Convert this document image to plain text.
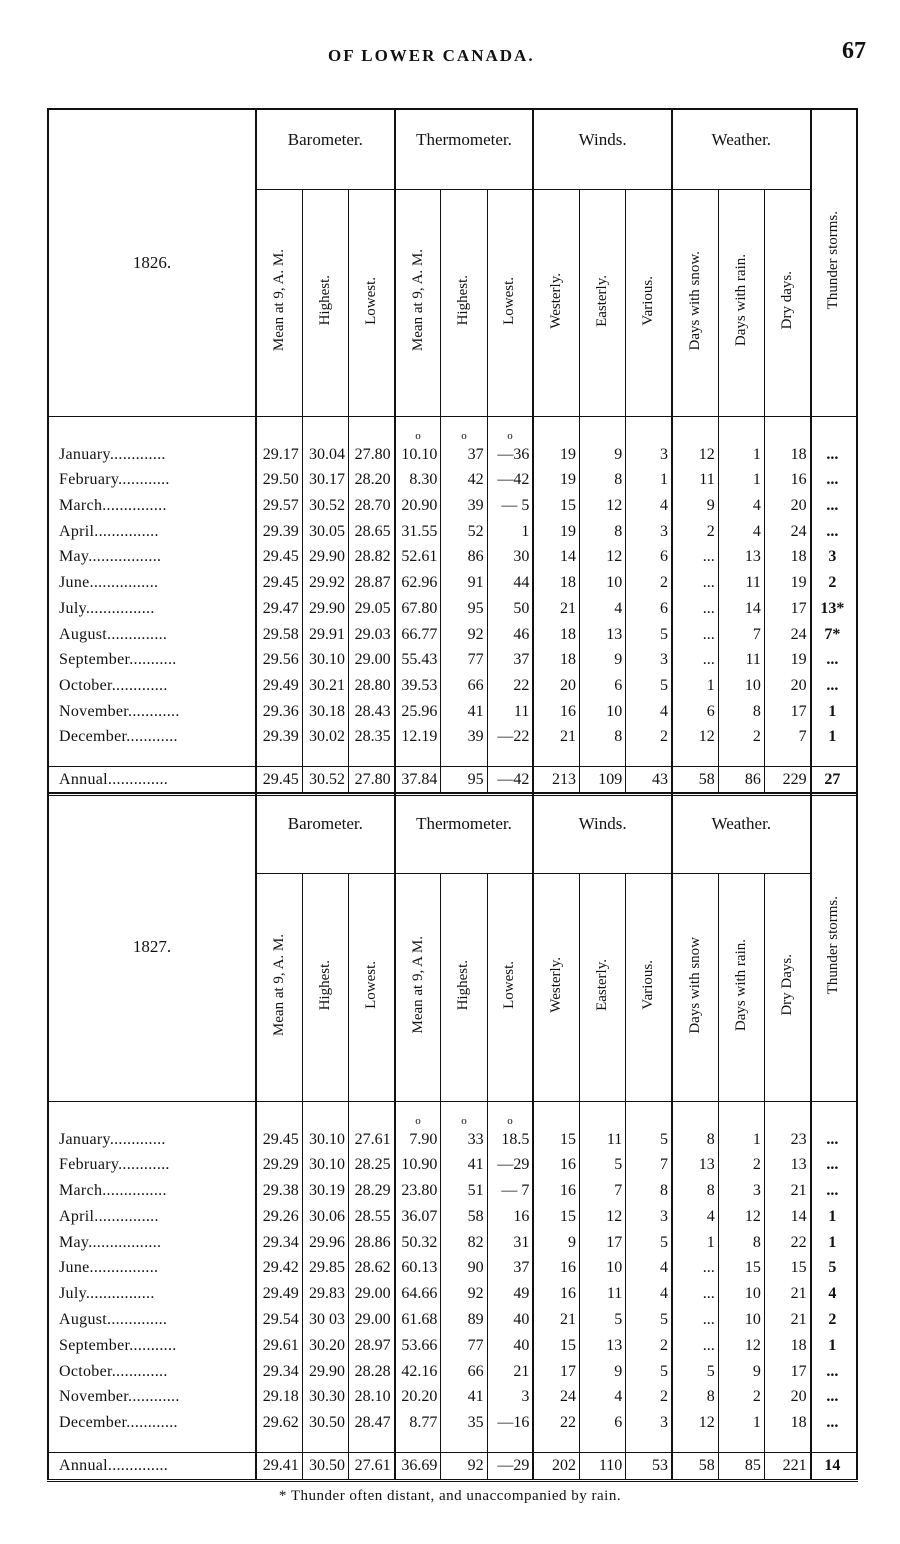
OF LOWER CANADA.	67
1826.	Barometer.			Thermometer.			Winds.			Weather.			Thunder storms.
	Mean at 9, A. M.	Highest.	Lowest.	Mean at 9, A. M.	Highest.	Lowest.	Westerly.	Easterly.	Various.	Days with snow.	Days with rain.	Dry days.	
				o	o	o							
January.............	29.17	30.04	27.80	10.10	37	—36	19	9	3	12	1	18	...
February............	29.50	30.17	28.20	8.30	42	—42	19	8	1	11	1	16	...
March...............	29.57	30.52	28.70	20.90	39	— 5	15	12	4	9	4	20	...
April...............	29.39	30.05	28.65	31.55	52	1	19	8	3	2	4	24	...
May.................	29.45	29.90	28.82	52.61	86	30	14	12	6	...	13	18	3
June................	29.45	29.92	28.87	62.96	91	44	18	10	2	...	11	19	2
July................	29.47	29.90	29.05	67.80	95	50	21	4	6	...	14	17	13*
August..............	29.58	29.91	29.03	66.77	92	46	18	13	5	...	7	24	7*
September...........	29.56	30.10	29.00	55.43	77	37	18	9	3	...	11	19	...
October.............	29.49	30.21	28.80	39.53	66	22	20	6	5	1	10	20	...
November............	29.36	30.18	28.43	25.96	41	11	16	10	4	6	8	17	1
December............	29.39	30.02	28.35	12.19	39	—22	21	8	2	12	2	7	1

Annual..............	29.45	30.52	27.80	37.84	95	—42	213	109	43	58	86	229	27
1827.	Barometer.			Thermometer.			Winds.			Weather.			Thunder storms.
	Mean at 9, A. M.	Highest.	Lowest.	Mean at 9, A M.	Highest.	Lowest.	Westerly.	Easterly.	Various.	Days with snow	Days with rain.	Dry Days.	
				o	o	o							
January.............	29.45	30.10	27.61	7.90	33	18.5	15	11	5	8	1	23	...
February............	29.29	30.10	28.25	10.90	41	—29	16	5	7	13	2	13	...
March...............	29.38	30.19	28.29	23.80	51	— 7	16	7	8	8	3	21	...
April...............	29.26	30.06	28.55	36.07	58	16	15	12	3	4	12	14	1
May.................	29.34	29.96	28.86	50.32	82	31	9	17	5	1	8	22	1
June................	29.42	29.85	28.62	60.13	90	37	16	10	4	...	15	15	5
July................	29.49	29.83	29.00	64.66	92	49	16	11	4	...	10	21	4
August..............	29.54	30 03	29.00	61.68	89	40	21	5	5	...	10	21	2
September...........	29.61	30.20	28.97	53.66	77	40	15	13	2	...	12	18	1
October.............	29.34	29.90	28.28	42.16	66	21	17	9	5	5	9	17	...
November............	29.18	30.30	28.10	20.20	41	3	24	4	2	8	2	20	...
December............	29.62	30.50	28.47	8.77	35	—16	22	6	3	12	1	18	...

Annual..............	29.41	30.50	27.61	36.69	92	—29	202	110	53	58	85	221	14
* Thunder often distant, and unaccompanied by rain.
